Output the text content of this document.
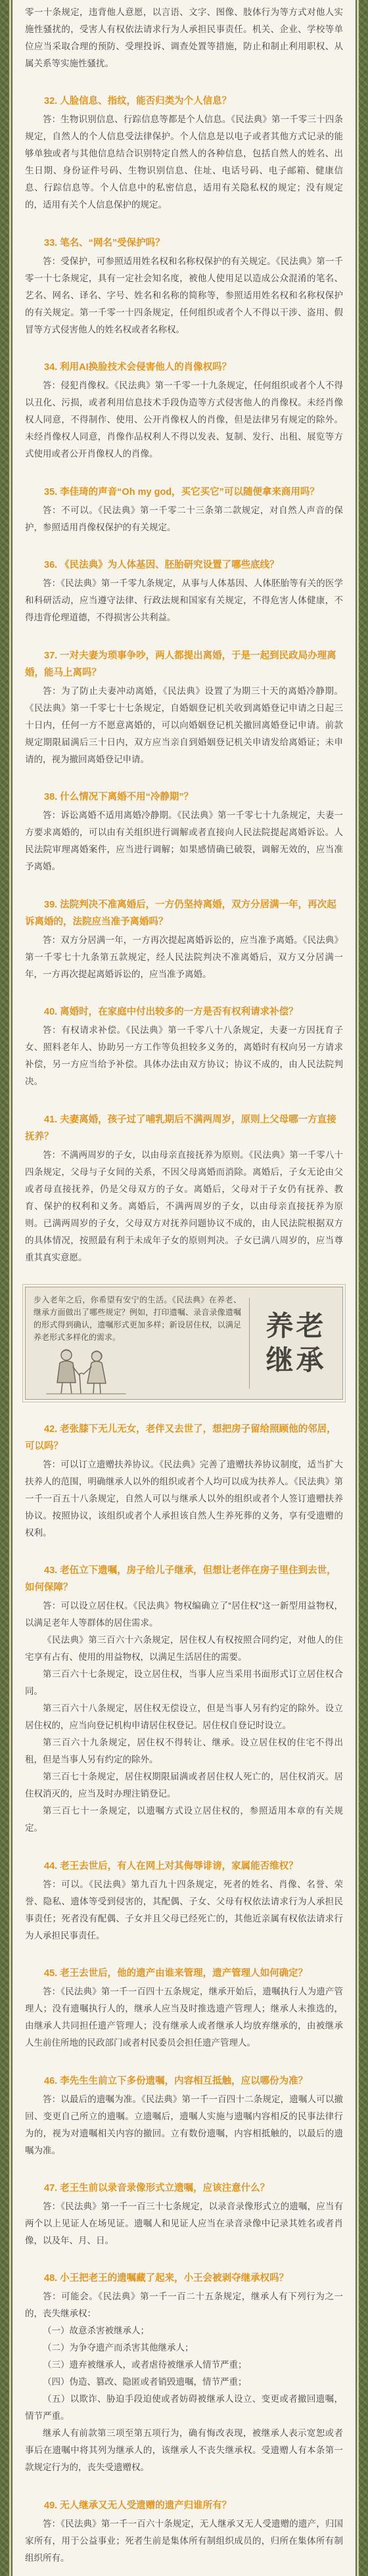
零一十条规定，违背他人意愿，以言语、文字、图像、肢体行为等方式对他人实施性骚扰的，受害人有权依法请求行为人承担民事责任。机关、企业、学校等单位应当采取合理的预防、受理投诉、调查处置等措施，防止和制止利用职权、从属关系等实施性骚扰。

32. 人脸信息、指纹，能否归类为个人信息？

答：生物识别信息、行踪信息等都是个人信息。《民法典》第一千零三十四条规定，自然人的个人信息受法律保护。个人信息是以电子或者其他方式记录的能够单独或者与其他信息结合识别特定自然人的各种信息，包括自然人的姓名、出生日期、身份证件号码、生物识别信息、住址、电话号码、电子邮箱、健康信息、行踪信息等。个人信息中的私密信息，适用有关隐私权的规定；没有规定的，适用有关个人信息保护的规定。

33. 笔名、“网名”受保护吗？

答：受保护，可参照适用姓名权和名称权保护的有关规定。《民法典》第一千零一十七条规定，具有一定社会知名度，被他人使用足以造成公众混淆的笔名、艺名、网名、译名、字号、姓名和名称的简称等，参照适用姓名权和名称权保护的有关规定。第一千零一十四条规定，任何组织或者个人不得以干涉、盗用、假冒等方式侵害他人的姓名权或者名称权。

34. 利用AI换脸技术会侵害他人的肖像权吗？

答：侵犯肖像权。《民法典》第一千零一十九条规定，任何组织或者个人不得以丑化、污损，或者利用信息技术手段伪造等方式侵害他人的肖像权。未经肖像权人同意，不得制作、使用、公开肖像权人的肖像，但是法律另有规定的除外。未经肖像权人同意，肖像作品权利人不得以发表、复制、发行、出租、展览等方式使用或者公开肖像权人的肖像。

35. 李佳琦的声音“Oh my god，买它买它”可以随便拿来商用吗？

答：不可以。《民法典》第一千零二十三条第二款规定，对自然人声音的保护，参照适用肖像权保护的有关规定。

36. 《民法典》为人体基因、胚胎研究设置了哪些底线？

答：《民法典》第一千零九条规定，从事与人体基因、人体胚胎等有关的医学和科研活动，应当遵守法律、行政法规和国家有关规定，不得危害人体健康，不得违背伦理道德，不得损害公共利益。

37. 一对夫妻为琐事争吵，两人都提出离婚，于是一起到民政局办理离婚，能马上离吗？

答：为了防止夫妻冲动离婚，《民法典》设置了为期三十天的离婚冷静期。《民法典》第一千零七十七条规定，自婚姻登记机关收到离婚登记申请之日起三十日内，任何一方不愿意离婚的，可以向婚姻登记机关撤回离婚登记申请。前款规定期限届满后三十日内，双方应当亲自到婚姻登记机关申请发给离婚证；未申请的，视为撤回离婚登记申请。

38. 什么情况下离婚不用“冷静期”？

答：诉讼离婚不适用离婚冷静期。《民法典》第一千零七十九条规定，夫妻一方要求离婚的，可以由有关组织进行调解或者直接向人民法院提起离婚诉讼。人民法院审理离婚案件，应当进行调解；如果感情确已破裂，调解无效的，应当准予离婚。

39. 法院判决不准离婚后，一方仍坚持离婚，双方分居满一年，再次起诉离婚的，法院应当准予离婚吗？

答：双方分居满一年，一方再次提起离婚诉讼的，应当准予离婚。《民法典》第一千零七十九条第五款规定，经人民法院判决不准离婚后，双方又分居满一年，一方再次提起离婚诉讼的，应当准予离婚。

40. 离婚时，在家庭中付出较多的一方是否有权利请求补偿？

答：有权请求补偿。《民法典》第一千零八十八条规定，夫妻一方因抚育子女、照料老年人、协助另一方工作等负担较多义务的，离婚时有权向另一方请求补偿，另一方应当给予补偿。具体办法由双方协议；协议不成的，由人民法院判决。

41. 夫妻离婚，孩子过了哺乳期后不满两周岁，原则上父母哪一方直接抚养？

答：不满两周岁的子女，以由母亲直接抚养为原则。《民法典》第一千零八十四条规定，父母与子女间的关系，不因父母离婚而消除。离婚后，子女无论由父或者母直接抚养，仍是父母双方的子女。离婚后，父母对于子女仍有抚养、教育、保护的权利和义务。离婚后，不满两周岁的子女，以由母亲直接抚养为原则。已满两周岁的子女，父母双方对抚养问题协议不成的，由人民法院根据双方的具体情况，按照最有利于未成年子女的原则判决。子女已满八周岁的，应当尊重其真实意愿。

步入老年之后，你希望有安宁的生活。《民法典》在养老、继承方面做出了哪些规定？例如，打印遗嘱、录音录像遗嘱的形式得到确认，遗嘱形式更加多样；新设居住权，以满足养老形式多样化的需求。	养老
继承
42. 老张膝下无儿无女，老伴又去世了，想把房子留给照顾他的邻居，可以吗？

答：可以订立遗赠扶养协议。《民法典》完善了遗赠扶养协议制度，适当扩大扶养人的范围，明确继承人以外的组织或者个人均可以成为扶养人。《民法典》第一千一百五十八条规定，自然人可以与继承人以外的组织或者个人签订遗赠扶养协议。按照协议，该组织或者个人承担该自然人生养死葬的义务，享有受遗赠的权利。

43. 老伍立下遗嘱，房子给儿子继承，但想让老伴在房子里住到去世，如何保障？

答：可以设立居住权。《民法典》物权编确立了“居住权”这一新型用益物权，以满足老年人等群体的居住需求。

《民法典》第三百六十六条规定，居住权人有权按照合同约定，对他人的住宅享有占有、使用的用益物权，以满足生活居住的需要。

第三百六十七条规定，设立居住权，当事人应当采用书面形式订立居住权合同。

第三百六十八条规定，居住权无偿设立，但是当事人另有约定的除外。设立居住权的，应当向登记机构申请居住权登记。居住权自登记时设立。

第三百六十九条规定，居住权不得转让、继承。设立居住权的住宅不得出租，但是当事人另有约定的除外。

第三百七十条规定，居住权期限届满或者居住权人死亡的，居住权消灭。居住权消灭的，应当及时办理注销登记。

第三百七十一条规定，以遗嘱方式设立居住权的，参照适用本章的有关规定。

44. 老王去世后，有人在网上对其侮辱诽谤，家属能否维权？

答：可以。《民法典》第九百九十四条规定，死者的姓名、肖像、名誉、荣誉、隐私、遗体等受到侵害的，其配偶、子女、父母有权依法请求行为人承担民事责任；死者没有配偶、子女并且父母已经死亡的，其他近亲属有权依法请求行为人承担民事责任。

45. 老王去世后，他的遗产由谁来管理，遗产管理人如何确定？

答：《民法典》第一千一百四十五条规定，继承开始后，遗嘱执行人为遗产管理人；没有遗嘱执行人的，继承人应当及时推选遗产管理人；继承人未推选的，由继承人共同担任遗产管理人；没有继承人或者继承人均放弃继承的，由被继承人生前住所地的民政部门或者村民委员会担任遗产管理人。

46. 李先生生前立下多份遗嘱，内容相互抵触，应以哪份为准？

答：以最后的遗嘱为准。《民法典》第一千一百四十二条规定，遗嘱人可以撤回、变更自己所立的遗嘱。立遗嘱后，遗嘱人实施与遗嘱内容相反的民事法律行为的，视为对遗嘱相关内容的撤回。立有数份遗嘱，内容相抵触的，以最后的遗嘱为准。

47. 老王生前以录音录像形式立遗嘱，应该注意什么？

答：《民法典》第一千一百三十七条规定，以录音录像形式立的遗嘱，应当有两个以上见证人在场见证。遗嘱人和见证人应当在录音录像中记录其姓名或者肖像，以及年、月、日。

48. 小王把老王的遗嘱藏了起来，小王会被剥夺继承权吗？

答：可能会。《民法典》第一千一百二十五条规定，继承人有下列行为之一的，丧失继承权：

（一）故意杀害被继承人；

（二）为争夺遗产而杀害其他继承人；

（三）遗弃被继承人，或者虐待被继承人情节严重；

（四）伪造、篡改、隐匿或者销毁遗嘱，情节严重；

（五）以欺诈、胁迫手段迫使或者妨碍被继承人设立、变更或者撤回遗嘱，情节严重。

继承人有前款第三项至第五项行为，确有悔改表现，被继承人表示宽恕或者事后在遗嘱中将其列为继承人的，该继承人不丧失继承权。受遗赠人有本条第一款规定行为的，丧失受遗赠权。

49. 无人继承又无人受遗赠的遗产归谁所有？

答：《民法典》第一千一百六十条规定，无人继承又无人受遗赠的遗产，归国家所有，用于公益事业；死者生前是集体所有制组织成员的，归所在集体所有制组织所有。
